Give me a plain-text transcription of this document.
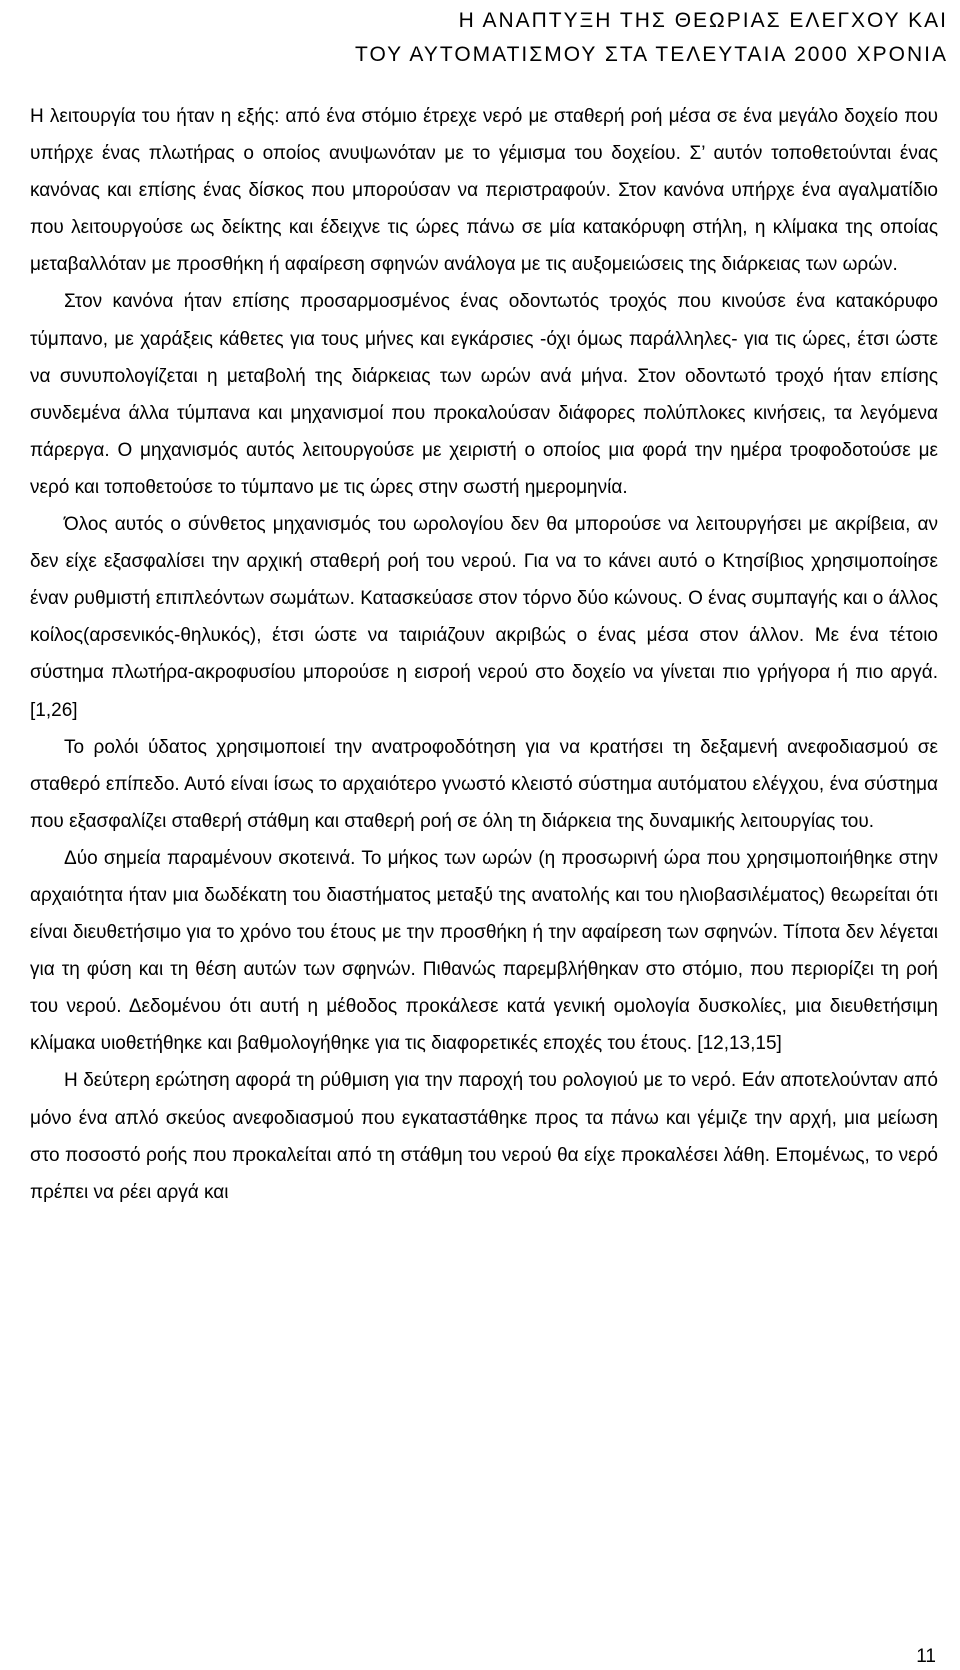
Η ΑΝΑΠΤΥΞΗ ΤΗΣ ΘΕΩΡΙΑΣ ΕΛΕΓΧΟΥ ΚΑΙ
ΤΟΥ ΑΥΤΟΜΑΤΙΣΜΟΥ ΣΤΑ ΤΕΛΕΥΤΑΙΑ 2000 ΧΡΟΝΙΑ

Η λειτουργία του ήταν η εξής: από ένα στόμιο έτρεχε νερό με σταθερή ροή μέσα σε ένα μεγάλο δοχείο που υπήρχε ένας πλωτήρας ο οποίος ανυψωνόταν με το γέμισμα του δοχείου. Σ’ αυτόν τοποθετούνται ένας κανόνας και επίσης ένας δίσκος που μπορούσαν να περιστραφούν. Στον κανόνα υπήρχε ένα αγαλματίδιο που λειτουργούσε ως δείκτης και έδειχνε τις ώρες πάνω σε μία κατακόρυφη στήλη, η κλίμακα της οποίας μεταβαλλόταν με προσθήκη ή αφαίρεση σφηνών ανάλογα με τις αυξομειώσεις της διάρκειας των ωρών.

Στον κανόνα ήταν επίσης προσαρμοσμένος ένας οδοντωτός τροχός που κινούσε ένα κατακόρυφο τύμπανο, με χαράξεις κάθετες για τους μήνες και εγκάρσιες -όχι όμως παράλληλες- για τις ώρες, έτσι ώστε να συνυπολογίζεται η μεταβολή της διάρκειας των ωρών ανά μήνα. Στον οδοντωτό τροχό ήταν επίσης συνδεμένα άλλα τύμπανα και μηχανισμοί που προκαλούσαν διάφορες πολύπλοκες κινήσεις, τα λεγόμενα πάρεργα. Ο μηχανισμός αυτός λειτουργούσε με χειριστή ο οποίος μια φορά την ημέρα τροφοδοτούσε με νερό και τοποθετούσε το τύμπανο με τις ώρες στην σωστή ημερομηνία.

Όλος αυτός ο σύνθετος μηχανισμός του ωρολογίου δεν θα μπορούσε να λειτουργήσει με ακρίβεια, αν δεν είχε εξασφαλίσει την αρχική σταθερή ροή του νερού. Για να το κάνει αυτό ο Κτησίβιος χρησιμοποίησε έναν ρυθμιστή επιπλεόντων σωμάτων. Κατασκεύασε στον τόρνο δύο κώνους. Ο ένας συμπαγής και ο άλλος κοίλος(αρσενικός-θηλυκός), έτσι ώστε να ταιριάζουν ακριβώς ο ένας μέσα στον άλλον. Με ένα τέτοιο σύστημα πλωτήρα-ακροφυσίου μπορούσε η εισροή νερού στο δοχείο να γίνεται πιο γρήγορα ή πιο αργά. [1,26]

Το ρολόι ύδατος χρησιμοποιεί την ανατροφοδότηση για να κρατήσει τη δεξαμενή ανεφοδιασμού σε σταθερό επίπεδο. Αυτό είναι ίσως το αρχαιότερο γνωστό κλειστό σύστημα αυτόματου ελέγχου, ένα σύστημα που εξασφαλίζει σταθερή στάθμη και σταθερή ροή σε όλη τη διάρκεια της δυναμικής λειτουργίας του.

Δύο σημεία παραμένουν σκοτεινά. Το μήκος των ωρών (η προσωρινή ώρα που χρησιμοποιήθηκε στην αρχαιότητα ήταν μια δωδέκατη του διαστήματος μεταξύ της ανατολής και του ηλιοβασιλέματος) θεωρείται ότι είναι διευθετήσιμο για το χρόνο του έτους με την προσθήκη ή την αφαίρεση των σφηνών. Τίποτα δεν λέγεται για τη φύση και τη θέση αυτών των σφηνών. Πιθανώς παρεμβλήθηκαν στο στόμιο, που περιορίζει τη ροή του νερού. Δεδομένου ότι αυτή η μέθοδος προκάλεσε κατά γενική ομολογία δυσκολίες, μια διευθετήσιμη κλίμακα υιοθετήθηκε και βαθμολογήθηκε για τις διαφορετικές εποχές του έτους. [12,13,15]

Η δεύτερη ερώτηση αφορά τη ρύθμιση για την παροχή του ρολογιού με το νερό. Εάν αποτελούνταν από μόνο ένα απλό σκεύος ανεφοδιασμού που εγκαταστάθηκε προς τα πάνω και γέμιζε την αρχή, μια μείωση στο ποσοστό ροής που προκαλείται από τη στάθμη του νερού θα είχε προκαλέσει λάθη. Επομένως, το νερό πρέπει να ρέει αργά και

11
